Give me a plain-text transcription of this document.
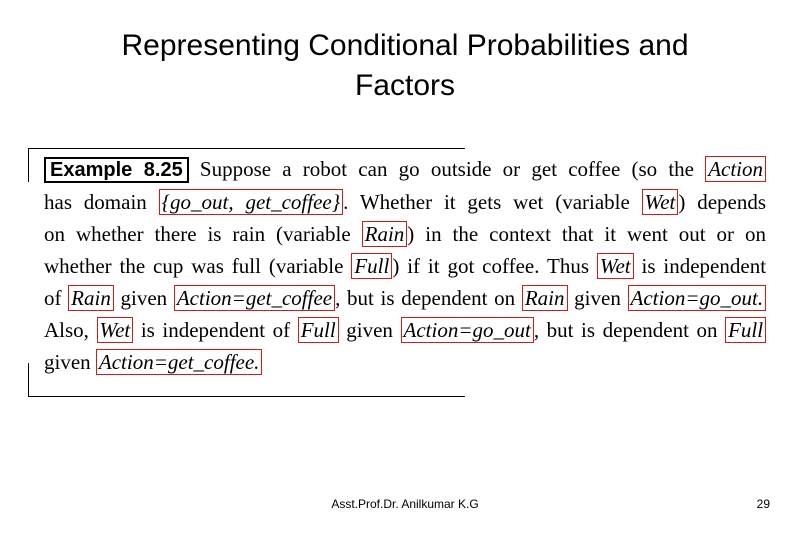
Representing Conditional Probabilities and
Factors
Example 8.25 Suppose a robot can go outside or get coffee (so the Action
has domain {go_out, get_coffee} . Whether it gets wet (variable Wet ) depends
on whether there is rain (variable Rain ) in the context that it went out or on
whether the cup was full (variable Full ) if it got coffee. Thus Wet is independent
of Rain given Action=get_coffee , but is dependent on Rain given Action=go_out.
Also, Wet is independent of Full given Action=go_out , but is dependent on Full
given Action=get_coffee.
Asst.Prof.Dr. Anilkumar K.G	29
